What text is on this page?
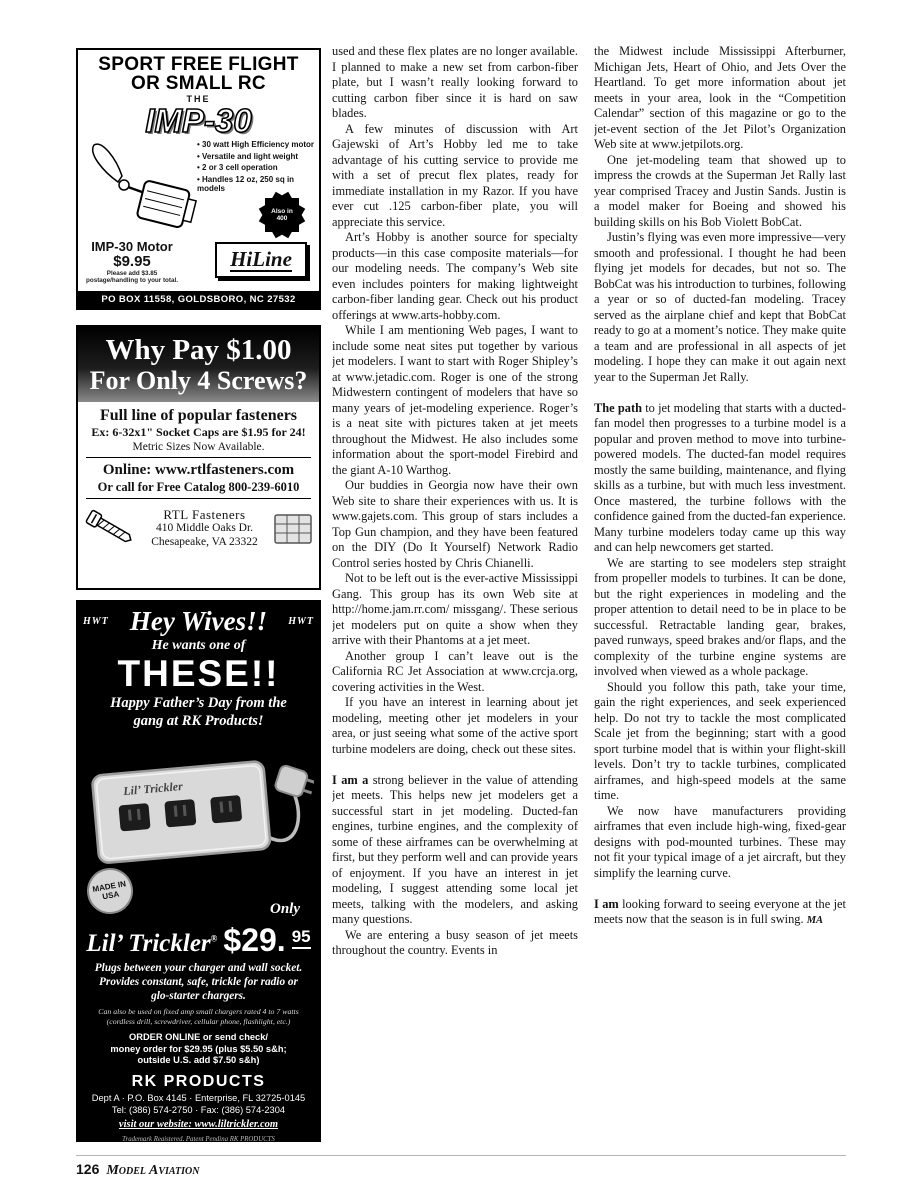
SPORT FREE FLIGHT
OR SMALL RC
THE
IMP-30
• 30 watt High Efficiency motor
• Versatile and light weight
• 2 or 3 cell operation
• Handles 12 oz, 250 sq in models
Also in
400
IMP-30 Motor
$9.95
Please add $3.85
postage/handling to your total.
HiLine
PO BOX 11558, GOLDSBORO, NC 27532
Why Pay $1.00
For Only 4 Screws?
Full line of popular fasteners
Ex: 6-32x1" Socket Caps are $1.95 for 24!
Metric Sizes Now Available.
Online: www.rtlfasteners.com
Or call for Free Catalog 800-239-6010
RTL Fasteners
410 Middle Oaks Dr.
Chesapeake, VA 23322
HWT Hey Wives!! HWT
He wants one of
THESE!!
Happy Father’s Day from the
gang at RK Products!
Lil’ Trickler
MADE IN USA
Only
Lil’ Trickler® $29. 95
Plugs between your charger and wall socket.
Provides constant, safe, trickle for radio or
glo-starter chargers.
Can also be used on fixed amp small chargers rated 4 to 7 watts
(cordless drill, screwdriver, cellular phone, flashlight, etc.)
ORDER ONLINE or send check/
money order for $29.95 (plus $5.50 s&h;
outside U.S. add $7.50 s&h)
RK PRODUCTS
Dept A · P.O. Box 4145 · Enterprise, FL 32725-0145
Tel: (386) 574-2750 · Fax: (386) 574-2304
visit our website: www.liltrickler.com
Trademark Registered, Patent Pending RK PRODUCTS

used and these flex plates are no longer available. I planned to make a new set from carbon-fiber plate, but I wasn’t really looking forward to cutting carbon fiber since it is hard on saw blades.

A few minutes of discussion with Art Gajewski of Art’s Hobby led me to take advantage of his cutting service to provide me with a set of precut flex plates, ready for immediate installation in my Razor. If you have ever cut .125 carbon-fiber plate, you will appreciate this service.

Art’s Hobby is another source for specialty products—in this case composite materials—for our modeling needs. The company’s Web site even includes pointers for making lightweight carbon-fiber landing gear. Check out his product offerings at www.arts-hobby.com.

While I am mentioning Web pages, I want to include some neat sites put together by various jet modelers. I want to start with Roger Shipley’s at www.jetadic.com. Roger is one of the strong Midwestern contingent of modelers that have so many years of jet-modeling experience. Roger’s is a neat site with pictures taken at jet meets throughout the Midwest. He also includes some information about the sport-model Firebird and the giant A-10 Warthog.

Our buddies in Georgia now have their own Web site to share their experiences with us. It is www.gajets.com. This group of stars includes a Top Gun champion, and they have been featured on the DIY (Do It Yourself) Network Radio Control series hosted by Chris Chianelli.

Not to be left out is the ever-active Mississippi Gang. This group has its own Web site at http://home.jam.rr.com/ missgang/. These serious jet modelers put on quite a show when they arrive with their Phantoms at a jet meet.

Another group I can’t leave out is the California RC Jet Association at www.crcja.org, covering activities in the West.

If you have an interest in learning about jet modeling, meeting other jet modelers in your area, or just seeing what some of the active sport turbine modelers are doing, check out these sites.

I am a strong believer in the value of attending jet meets. This helps new jet modelers get a successful start in jet modeling. Ducted-fan engines, turbine engines, and the complexity of some of these airframes can be overwhelming at first, but they perform well and can provide years of enjoyment. If you have an interest in jet modeling, I suggest attending some local jet meets, talking with the modelers, and asking many questions.

We are entering a busy season of jet meets throughout the country. Events in

the Midwest include Mississippi Afterburner, Michigan Jets, Heart of Ohio, and Jets Over the Heartland. To get more information about jet meets in your area, look in the “Competition Calendar” section of this magazine or go to the jet-event section of the Jet Pilot’s Organization Web site at www.jetpilots.org.

One jet-modeling team that showed up to impress the crowds at the Superman Jet Rally last year comprised Tracey and Justin Sands. Justin is a model maker for Boeing and showed his building skills on his Bob Violett BobCat.

Justin’s flying was even more impressive—very smooth and professional. I thought he had been flying jet models for decades, but not so. The BobCat was his introduction to turbines, following a year or so of ducted-fan modeling. Tracey served as the airplane chief and kept that BobCat ready to go at a moment’s notice. They make quite a team and are professional in all aspects of jet modeling. I hope they can make it out again next year to the Superman Jet Rally.

The path to jet modeling that starts with a ducted-fan model then progresses to a turbine model is a popular and proven method to move into turbine-powered models. The ducted-fan model requires mostly the same building, maintenance, and flying skills as a turbine, but with much less investment. Once mastered, the turbine follows with the confidence gained from the ducted-fan experience. Many turbine modelers today came up this way and can help newcomers get started.

We are starting to see modelers step straight from propeller models to turbines. It can be done, but the right experiences in modeling and the proper attention to detail need to be in place to be successful. Retractable landing gear, brakes, paved runways, speed brakes and/or flaps, and the complexity of the turbine engine systems are involved when viewed as a whole package.

Should you follow this path, take your time, gain the right experiences, and seek experienced help. Do not try to tackle the most complicated Scale jet from the beginning; start with a good sport turbine model that is within your flight-skill levels. Don’t try to tackle turbines, complicated airframes, and high-speed models at the same time.

We now have manufacturers providing airframes that even include high-wing, fixed-gear designs with pod-mounted turbines. These may not fit your typical image of a jet aircraft, but they simplify the learning curve.

I am looking forward to seeing everyone at the jet meets now that the season is in full swing. MA

126 Model Aviation
